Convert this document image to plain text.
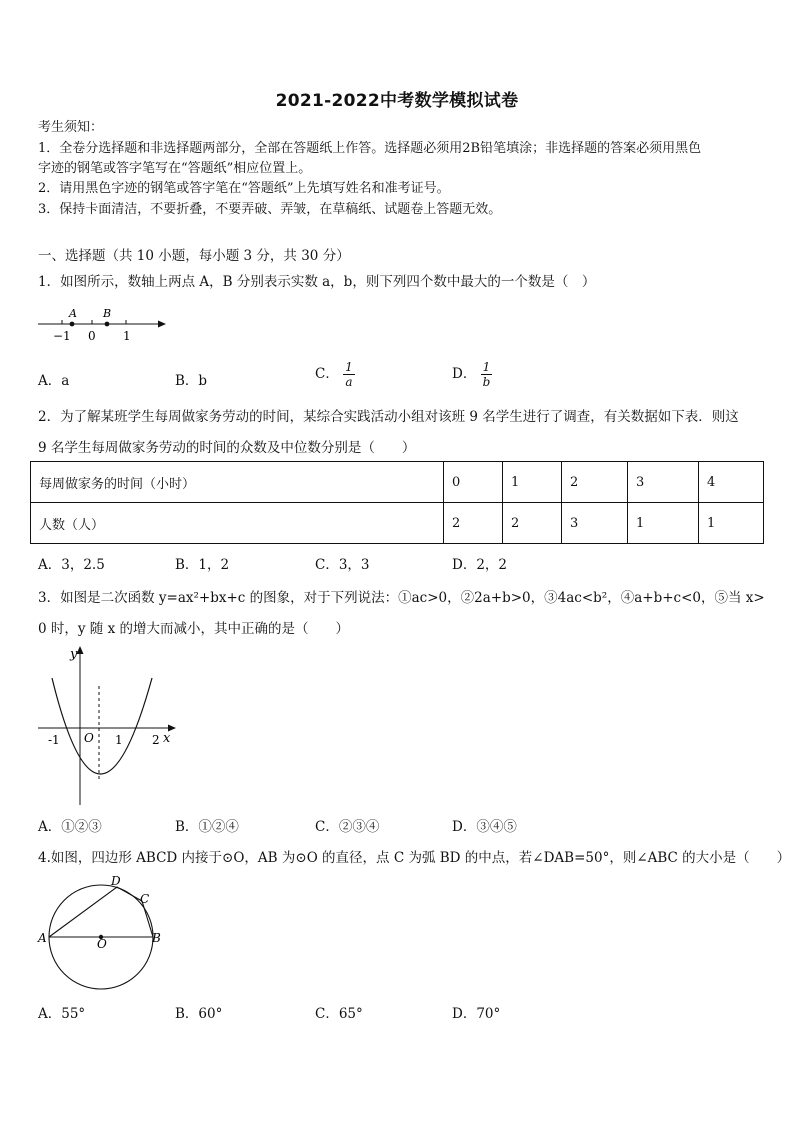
2021-2022中考数学模拟试卷
考生须知：
1．全卷分选择题和非选择题两部分，全部在答题纸上作答。选择题必须用2B铅笔填涂；非选择题的答案必须用黑色
字迹的钢笔或答字笔写在“答题纸”相应位置上。
2．请用黑色字迹的钢笔或答字笔在“答题纸”上先填写姓名和准考证号。
3．保持卡面清洁，不要折叠，不要弄破、弄皱，在草稿纸、试题卷上答题无效。
一、选择题（共 10 小题，每小题 3 分，共 30 分）
1．如图所示，数轴上两点 A，B 分别表示实数 a，b，则下列四个数中最大的一个数是（　）
A B
−1 0 1
A．a	B．b	C． $\frac{1}{a}$	D． $\frac{1}{b}$
2．为了解某班学生每周做家务劳动的时间，某综合实践活动小组对该班 9 名学生进行了调查，有关数据如下表．则这
9 名学生每周做家务劳动的时间的众数及中位数分别是（　　）
每周做家务的时间（小时）	0	1	2	3	4
人数（人）	2	2	3	1	1
A．3，2.5	B．1，2	C．3，3	D．2，2
3．如图是二次函数 y=ax²+bx+c 的图象，对于下列说法：①ac>0，②2a+b>0，③4ac<b²，④a+b+c<0，⑤当 x>
0 时，y 随 x 的增大而减小，其中正确的是（　　）
y
x
O
-1	1 2
A．①②③	B．①②④	C．②③④	D．③④⑤
4.如图，四边形 ABCD 内接于⊙O，AB 为⊙O 的直径，点 C 为弧 BD 的中点，若∠DAB=50°，则∠ABC 的大小是（　　）
A	B
C
D
O
A．55°	B．60°	C．65°	D．70°
